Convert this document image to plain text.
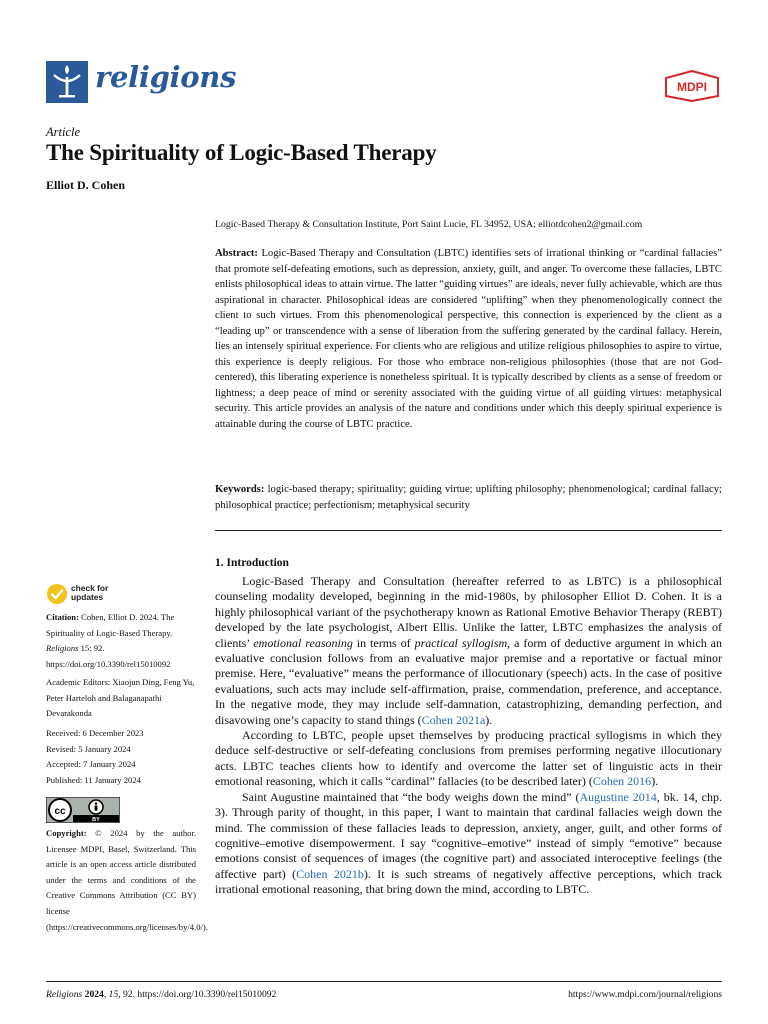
religions	MDPI
Article
The Spirituality of Logic-Based Therapy
Elliot D. Cohen
Logic-Based Therapy & Consultation Institute, Port Saint Lucie, FL 34952, USA; elliotdcohen2@gmail.com

Abstract: Logic-Based Therapy and Consultation (LBTC) identifies sets of irrational thinking or “cardinal fallacies” that promote self-defeating emotions, such as depression, anxiety, guilt, and anger. To overcome these fallacies, LBTC enlists philosophical ideas to attain virtue. The latter “guiding virtues” are ideals, never fully achievable, which are thus aspirational in character. Philosophical ideas are considered “uplifting” when they phenomenologically connect the client to such virtues. From this phenomenological perspective, this connection is experienced by the client as a “leading up” or transcendence with a sense of liberation from the suffering generated by the cardinal fallacy. Herein, lies an intensely spiritual experience. For clients who are religious and utilize religious philosophies to aspire to virtue, this experience is deeply religious. For those who embrace non-religious philosophies (those that are not God-centered), this liberating experience is nonetheless spiritual. It is typically described by clients as a sense of freedom or lightness; a deep peace of mind or serenity associated with the guiding virtue of all guiding virtues: metaphysical security. This article provides an analysis of the nature and conditions under which this deeply spiritual experience is attainable during the course of LBTC practice.

Keywords: logic-based therapy; spirituality; guiding virtue; uplifting philosophy; phenomenological; cardinal fallacy; philosophical practice; perfectionism; metaphysical security

1. Introduction

Logic-Based Therapy and Consultation (hereafter referred to as LBTC) is a philosophical counseling modality developed, beginning in the mid-1980s, by philosopher Elliot D. Cohen. It is a highly philosophical variant of the psychotherapy known as Rational Emotive Behavior Therapy (REBT) developed by the late psychologist, Albert Ellis. Unlike the latter, LBTC emphasizes the analysis of clients’ emotional reasoning in terms of practical syllogism, a form of deductive argument in which an evaluative conclusion follows from an evaluative major premise and a reportative or factual minor premise. Here, “evaluative” means the performance of illocutionary (speech) acts. In the case of positive evaluations, such acts may include self-affirmation, praise, commendation, preference, and acceptance. In the negative mode, they may include self-damnation, catastrophizing, demanding perfection, and disavowing one’s capacity to stand things (Cohen 2021a).

According to LBTC, people upset themselves by producing practical syllogisms in which they deduce self-destructive or self-defeating conclusions from premises performing negative illocutionary acts. LBTC teaches clients how to identify and overcome the latter set of linguistic acts in their emotional reasoning, which it calls “cardinal” fallacies (to be described later) (Cohen 2016).

Saint Augustine maintained that “the body weighs down the mind” (Augustine 2014, bk. 14, chp. 3). Through parity of thought, in this paper, I want to maintain that cardinal fallacies weigh down the mind. The commission of these fallacies leads to depression, anxiety, anger, guilt, and other forms of cognitive–emotive disempowerment. I say “cognitive–emotive” instead of simply “emotive” because emotions consist of sequences of images (the cognitive part) and associated interoceptive feelings (the affective part) (Cohen 2021b). It is such streams of negatively affective perceptions, which track irrational emotional reasoning, that bring down the mind, according to LBTC.

check for
updates
Citation: Cohen, Elliot D. 2024. The Spirituality of Logic-Based Therapy. Religions 15: 92. https://doi.org/10.3390/rel15010092
Academic Editors: Xiaojun Ding, Feng Yu, Peter Harteloh and Balaganapathi Devarakonda
Received: 6 December 2023
Revised: 5 January 2024
Accepted: 7 January 2024
Published: 11 January 2024
BY
cc
Copyright: © 2024 by the author. Licensee MDPI, Basel, Switzerland. This article is an open access article distributed under the terms and conditions of the Creative Commons Attribution (CC BY) license (https://creativecommons.org/licenses/by/4.0/).
Religions 2024, 15, 92. https://doi.org/10.3390/rel15010092	https://www.mdpi.com/journal/religions
